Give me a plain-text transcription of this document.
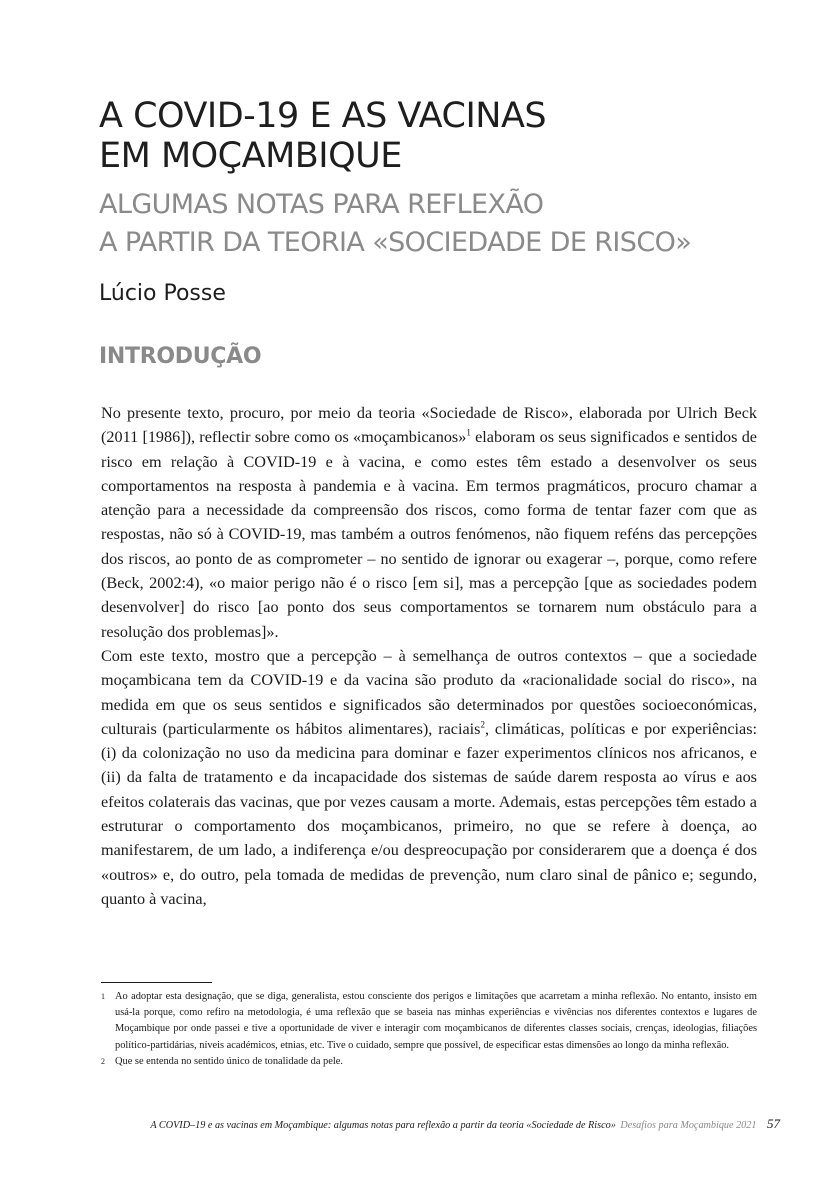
A COVID-19 E AS VACINAS
EM MOÇAMBIQUE
ALGUMAS NOTAS PARA REFLEXÃO
A PARTIR DA TEORIA «SOCIEDADE DE RISCO»
Lúcio Posse
INTRODUÇÃO

No presente texto, procuro, por meio da teoria «Sociedade de Risco», elaborada por Ulrich Beck (2011 [1986]), reflectir sobre como os «moçambicanos»$^1$ elaboram os seus significados e sentidos de risco em relação à COVID-19 e à vacina, e como estes têm estado a desenvolver os seus comportamentos na resposta à pandemia e à vacina. Em termos pragmáticos, procuro chamar a atenção para a necessidade da compreensão dos riscos, como forma de tentar fazer com que as respostas, não só à COVID-19, mas também a outros fenómenos, não fiquem reféns das percepções dos riscos, ao ponto de as comprometer – no sentido de ignorar ou exagerar –, porque, como refere (Beck, 2002:4), «o maior perigo não é o risco [em si], mas a percepção [que as sociedades podem desenvolver] do risco [ao ponto dos seus comportamentos se tornarem num obstáculo para a resolução dos problemas]».

Com este texto, mostro que a percepção – à semelhança de outros contextos – que a sociedade moçambicana tem da COVID-19 e da vacina são produto da «racionalidade social do risco», na medida em que os seus sentidos e significados são determinados por questões socioeconómicas, culturais (particularmente os hábitos alimentares), raciais$^2$, climáticas, políticas e por experiências: (i) da colonização no uso da medicina para dominar e fazer experimentos clínicos nos africanos, e (ii) da falta de tratamento e da incapacidade dos sistemas de saúde darem resposta ao vírus e aos efeitos colaterais das vacinas, que por vezes causam a morte. Ademais, estas percepções têm estado a estruturar o comportamento dos moçambicanos, primeiro, no que se refere à doença, ao manifestarem, de um lado, a indiferença e/ou despreocupação por considerarem que a doença é dos «outros» e, do outro, pela tomada de medidas de prevenção, num claro sinal de pânico e; segundo, quanto à vacina,

1 Ao adoptar esta designação, que se diga, generalista, estou consciente dos perigos e limitações que acarretam a minha reflexão. No entanto, insisto em usá-la porque, como refiro na metodologia, é uma reflexão que se baseia nas minhas experiências e vivências nos diferentes contextos e lugares de Moçambique por onde passei e tive a oportunidade de viver e interagir com moçambicanos de diferentes classes sociais, crenças, ideologias, filiações político-partidárias, níveis académicos, etnias, etc. Tive o cuidado, sempre que possível, de especificar estas dimensões ao longo da minha reflexão.
2 Que se entenda no sentido único de tonalidade da pele.
A COVID–19 e as vacinas em Moçambique: algumas notas para reflexão a partir da teoria «Sociedade de Risco» Desafios para Moçambique 2021 57
